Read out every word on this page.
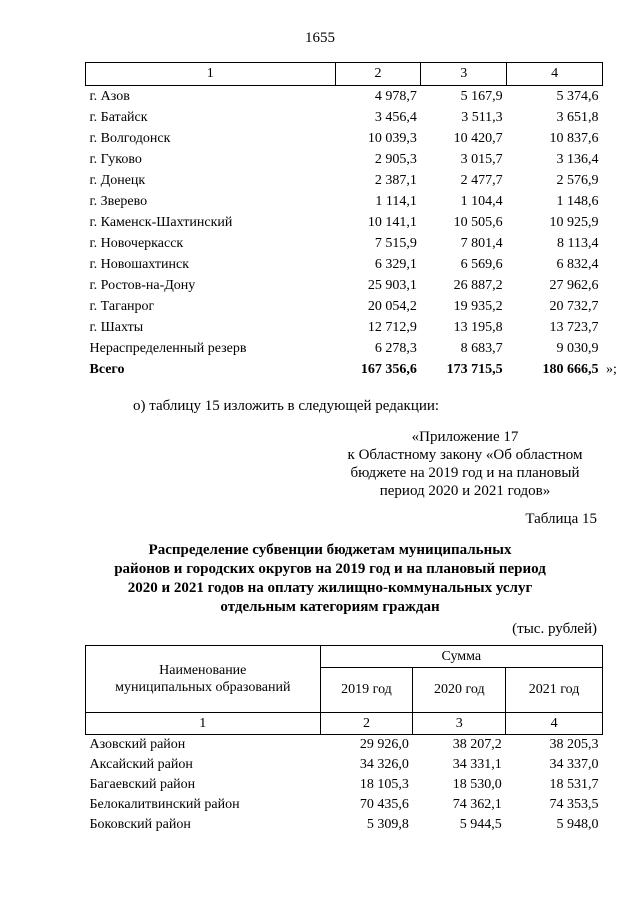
1655
1	2	3	4
г. Азов	4 978,7	5 167,9	5 374,6
г. Батайск	3 456,4	3 511,3	3 651,8
г. Волгодонск	10 039,3	10 420,7	10 837,6
г. Гуково	2 905,3	3 015,7	3 136,4
г. Донецк	2 387,1	2 477,7	2 576,9
г. Зверево	1 114,1	1 104,4	1 148,6
г. Каменск-Шахтинский	10 141,1	10 505,6	10 925,9
г. Новочеркасск	7 515,9	7 801,4	8 113,4
г. Новошахтинск	6 329,1	6 569,6	6 832,4
г. Ростов-на-Дону	25 903,1	26 887,2	27 962,6
г. Таганрог	20 054,2	19 935,2	20 732,7
г. Шахты	12 712,9	13 195,8	13 723,7
Нераспределенный резерв	6 278,3	8 683,7	9 030,9
Всего	167 356,6	173 715,5	180 666,5 »;
о) таблицу 15 изложить в следующей редакции:
«Приложение 17
к Областному закону «Об областном
бюджете на 2019 год и на плановый
период 2020 и 2021 годов»
Таблица 15
Распределение субвенции бюджетам муниципальных
районов и городских округов на 2019 год и на плановый период
2020 и 2021 годов на оплату жилищно-коммунальных услуг
отдельным категориям граждан
(тыс. рублей)
Наименование
муниципальных образований	Сумма		
	2019 год	2020 год	2021 год
1	2	3	4
Азовский район	29 926,0	38 207,2	38 205,3
Аксайский район	34 326,0	34 331,1	34 337,0
Багаевский район	18 105,3	18 530,0	18 531,7
Белокалитвинский район	70 435,6	74 362,1	74 353,5
Боковский район	5 309,8	5 944,5	5 948,0
